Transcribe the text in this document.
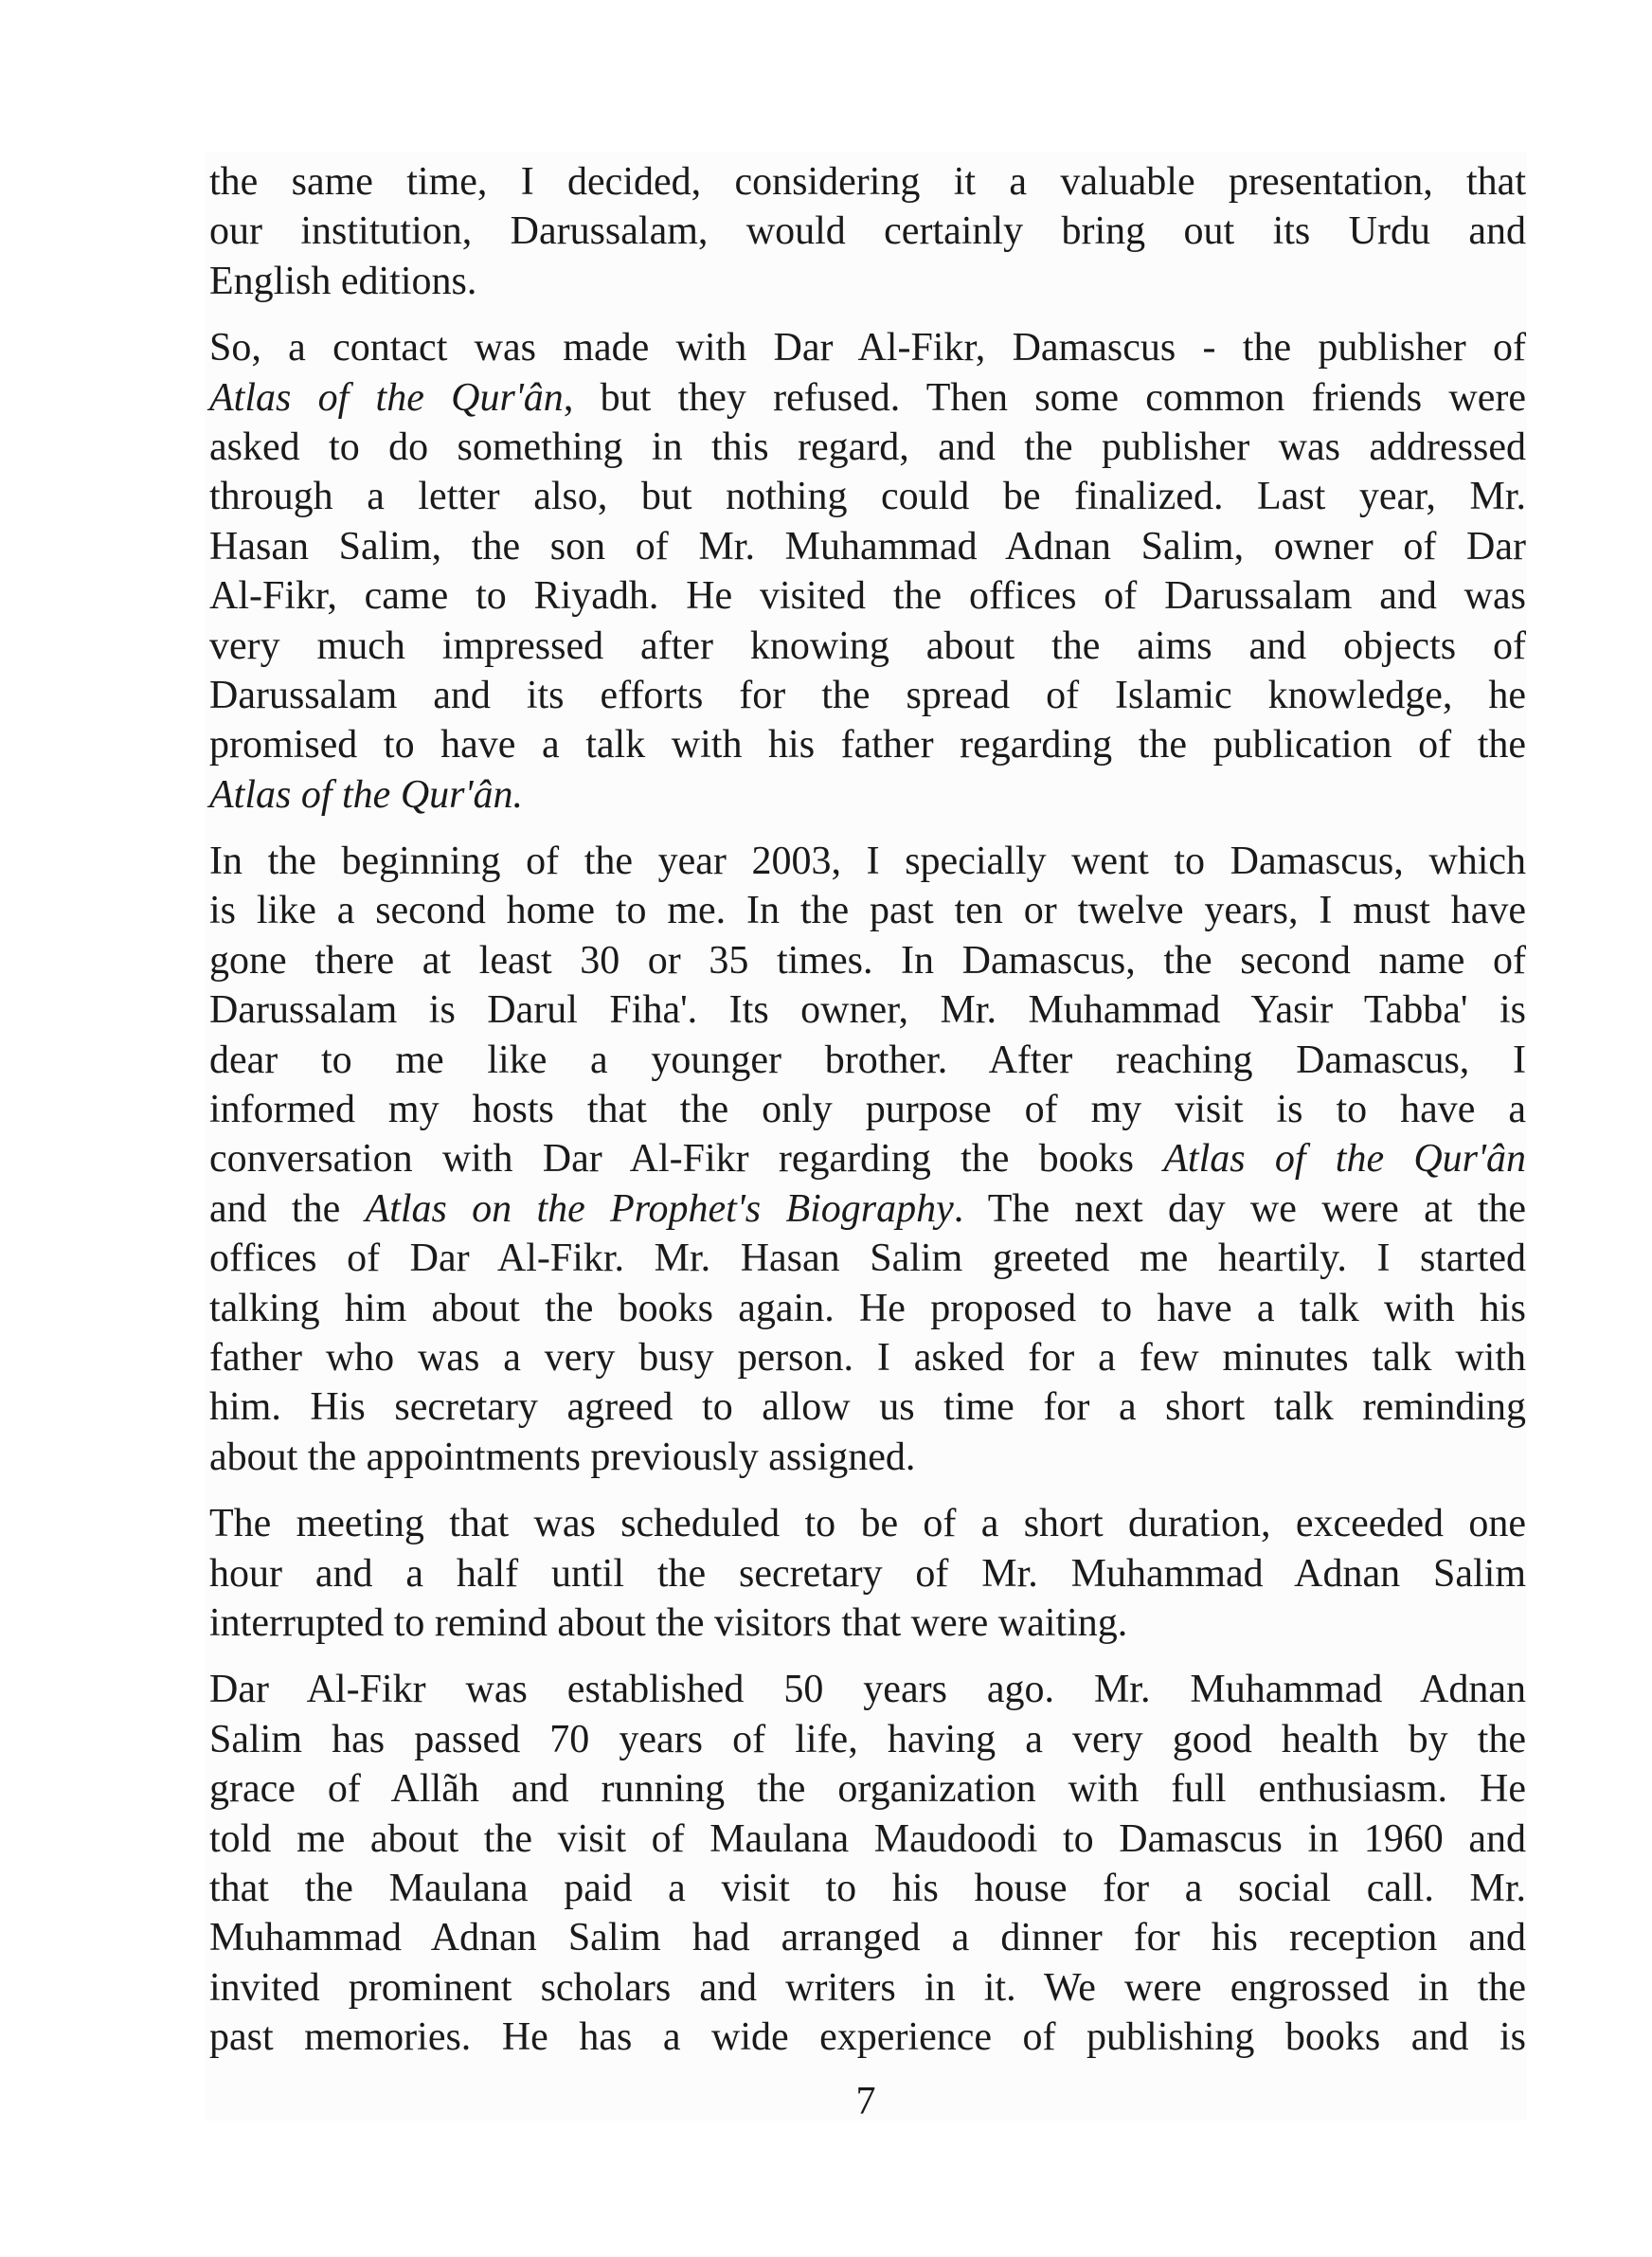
the same time, I decided, considering it a valuable presentation, that
our institution, Darussalam, would certainly bring out its Urdu and
English editions.
So, a contact was made with Dar Al-Fikr, Damascus - the publisher of
Atlas of the Qur'ân, but they refused. Then some common friends were
asked to do something in this regard, and the publisher was addressed
through a letter also, but nothing could be finalized. Last year, Mr.
Hasan Salim, the son of Mr. Muhammad Adnan Salim, owner of Dar
Al-Fikr, came to Riyadh. He visited the offices of Darussalam and was
very much impressed after knowing about the aims and objects of
Darussalam and its efforts for the spread of Islamic knowledge, he
promised to have a talk with his father regarding the publication of the
Atlas of the Qur'ân.
In the beginning of the year 2003, I specially went to Damascus, which
is like a second home to me. In the past ten or twelve years, I must have
gone there at least 30 or 35 times. In Damascus, the second name of
Darussalam is Darul Fiha'. Its owner, Mr. Muhammad Yasir Tabba' is
dear to me like a younger brother. After reaching Damascus, I
informed my hosts that the only purpose of my visit is to have a
conversation with Dar Al-Fikr regarding the books Atlas of the Qur'ân
and the Atlas on the Prophet's Biography. The next day we were at the
offices of Dar Al-Fikr. Mr. Hasan Salim greeted me heartily. I started
talking him about the books again. He proposed to have a talk with his
father who was a very busy person. I asked for a few minutes talk with
him. His secretary agreed to allow us time for a short talk reminding
about the appointments previously assigned.
The meeting that was scheduled to be of a short duration, exceeded one
hour and a half until the secretary of Mr. Muhammad Adnan Salim
interrupted to remind about the visitors that were waiting.
Dar Al-Fikr was established 50 years ago. Mr. Muhammad Adnan
Salim has passed 70 years of life, having a very good health by the
grace of Allãh and running the organization with full enthusiasm. He
told me about the visit of Maulana Maudoodi to Damascus in 1960 and
that the Maulana paid a visit to his house for a social call. Mr.
Muhammad Adnan Salim had arranged a dinner for his reception and
invited prominent scholars and writers in it. We were engrossed in the
past memories. He has a wide experience of publishing books and is
7
